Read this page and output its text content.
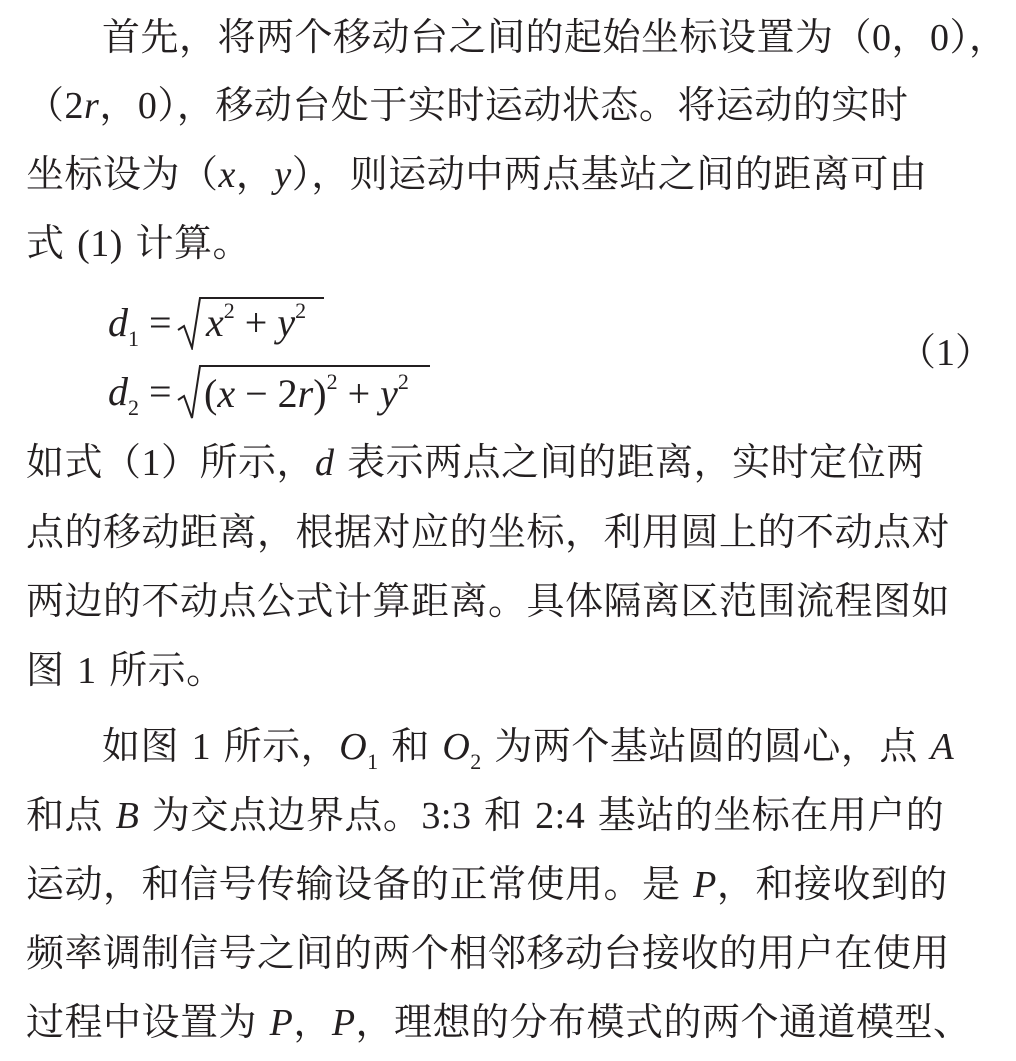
首先，将两个移动台之间的起始坐标设置为（0，0），
（2r，0），移动台处于实时运动状态。将运动的实时
坐标设为（x，y），则运动中两点基站之间的距离可由
式 (1) 计算。
$d_1 = x^2 + y^2$
$d_2 = (x - 2r)^2 + y^2$
（1）
如式（1）所示，d 表示两点之间的距离，实时定位两
点的移动距离，根据对应的坐标，利用圆上的不动点对
两边的不动点公式计算距离。具体隔离区范围流程图如
图 1 所示。
如图 1 所示，$O_1$ 和 $O_2$ 为两个基站圆的圆心，点 A
和点 B 为交点边界点。3:3 和 2:4 基站的坐标在用户的
运动，和信号传输设备的正常使用。是 P，和接收到的
频率调制信号之间的两个相邻移动台接收的用户在使用
过程中设置为 P，P，理想的分布模式的两个通道模型、
